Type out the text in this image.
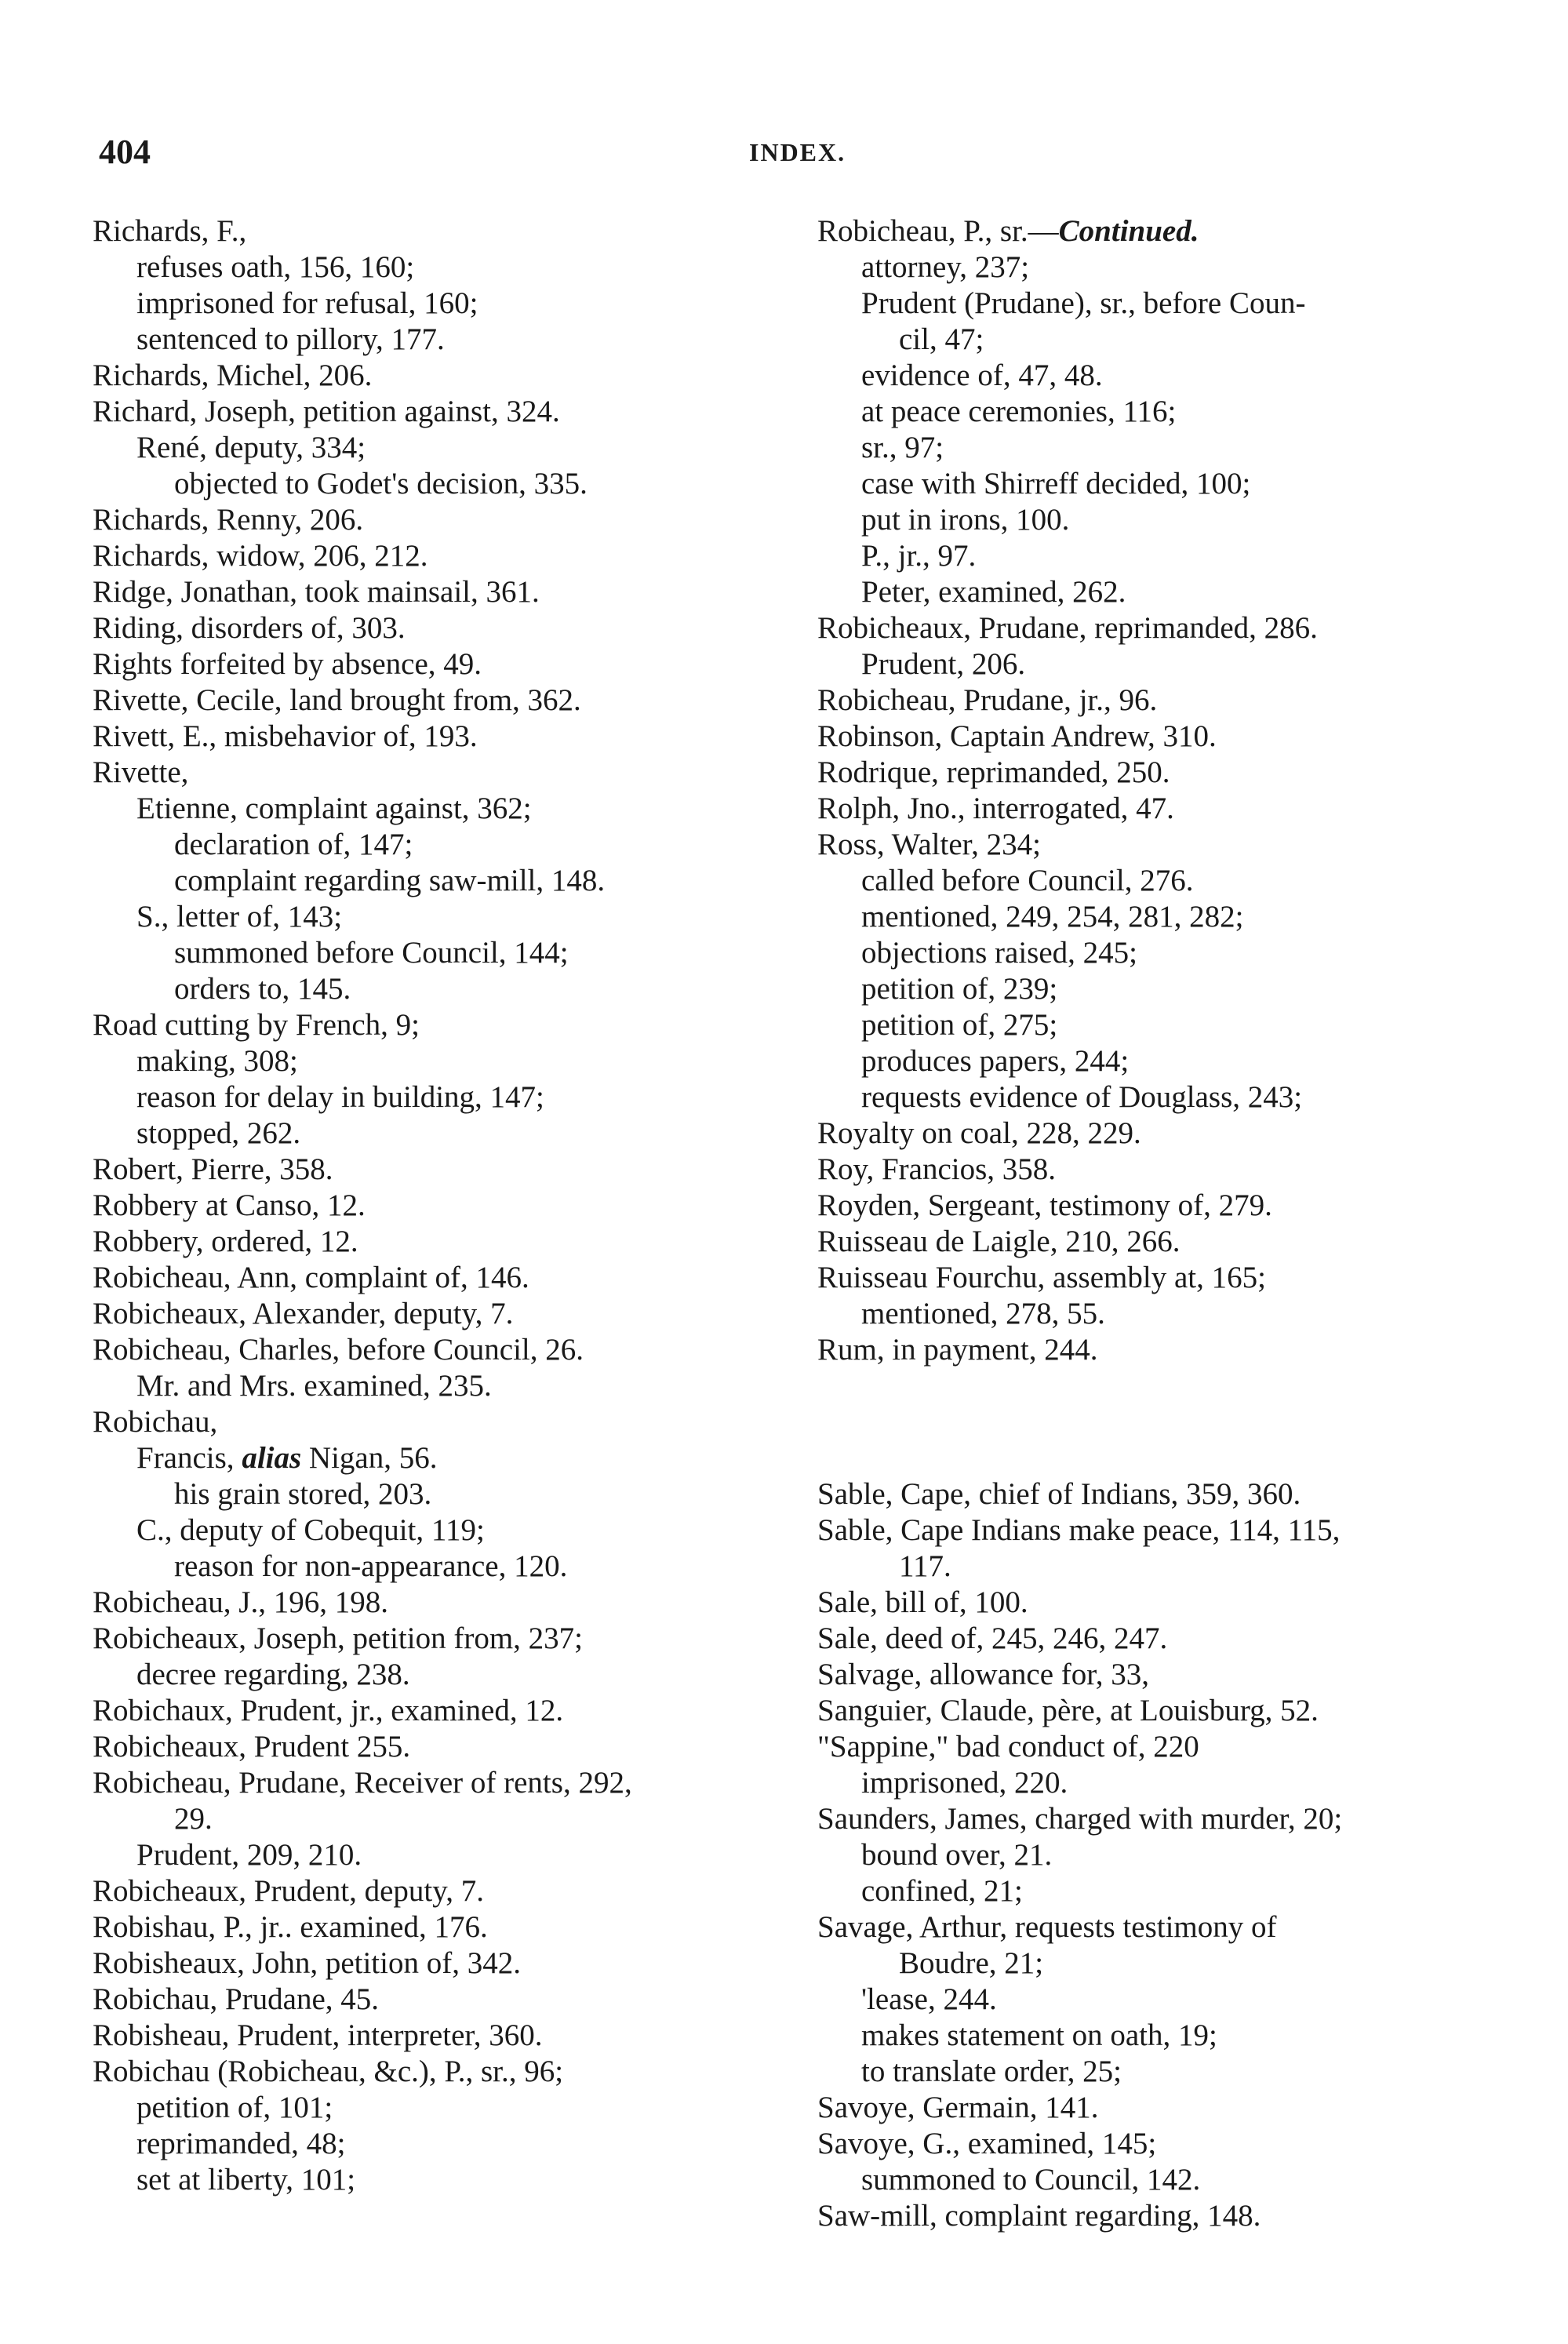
404	INDEX.
Richards, F.,
refuses oath, 156, 160;
imprisoned for refusal, 160;
sentenced to pillory, 177.
Richards, Michel, 206.
Richard, Joseph, petition against, 324.
René, deputy, 334;
objected to Godet's decision, 335.
Richards, Renny, 206.
Richards, widow, 206, 212.
Ridge, Jonathan, took mainsail, 361.
Riding, disorders of, 303.
Rights forfeited by absence, 49.
Rivette, Cecile, land brought from, 362.
Rivett, E., misbehavior of, 193.
Rivette,
Etienne, complaint against, 362;
declaration of, 147;
complaint regarding saw-mill, 148.
S., letter of, 143;
summoned before Council, 144;
orders to, 145.
Road cutting by French, 9;
making, 308;
reason for delay in building, 147;
stopped, 262.
Robert, Pierre, 358.
Robbery at Canso, 12.
Robbery, ordered, 12.
Robicheau, Ann, complaint of, 146.
Robicheaux, Alexander, deputy, 7.
Robicheau, Charles, before Council, 26.
Mr. and Mrs. examined, 235.
Robichau,
Francis, alias Nigan, 56.
his grain stored, 203.
C., deputy of Cobequit, 119;
reason for non-appearance, 120.
Robicheau, J., 196, 198.
Robicheaux, Joseph, petition from, 237;
decree regarding, 238.
Robichaux, Prudent, jr., examined, 12.
Robicheaux, Prudent 255.
Robicheau, Prudane, Receiver of rents, 292,
29.
Prudent, 209, 210.
Robicheaux, Prudent, deputy, 7.
Robishau, P., jr.. examined, 176.
Robisheaux, John, petition of, 342.
Robichau, Prudane, 45.
Robisheau, Prudent, interpreter, 360.
Robichau (Robicheau, &c.), P., sr., 96;
petition of, 101;
reprimanded, 48;
set at liberty, 101;
Robicheau, P., sr.—Continued.
attorney, 237;
Prudent (Prudane), sr., before Coun-
cil, 47;
evidence of, 47, 48.
at peace ceremonies, 116;
sr., 97;
case with Shirreff decided, 100;
put in irons, 100.
P., jr., 97.
Peter, examined, 262.
Robicheaux, Prudane, reprimanded, 286.
Prudent, 206.
Robicheau, Prudane, jr., 96.
Robinson, Captain Andrew, 310.
Rodrique, reprimanded, 250.
Rolph, Jno., interrogated, 47.
Ross, Walter, 234;
called before Council, 276.
mentioned, 249, 254, 281, 282;
objections raised, 245;
petition of, 239;
petition of, 275;
produces papers, 244;
requests evidence of Douglass, 243;
Royalty on coal, 228, 229.
Roy, Francios, 358.
Royden, Sergeant, testimony of, 279.
Ruisseau de Laigle, 210, 266.
Ruisseau Fourchu, assembly at, 165;
mentioned, 278, 55.
Rum, in payment, 244.
Sable, Cape, chief of Indians, 359, 360.
Sable, Cape Indians make peace, 114, 115,
117.
Sale, bill of, 100.
Sale, deed of, 245, 246, 247.
Salvage, allowance for, 33,
Sanguier, Claude, père, at Louisburg, 52.
"Sappine," bad conduct of, 220
imprisoned, 220.
Saunders, James, charged with murder, 20;
bound over, 21.
confined, 21;
Savage, Arthur, requests testimony of
Boudre, 21;
'lease, 244.
makes statement on oath, 19;
to translate order, 25;
Savoye, Germain, 141.
Savoye, G., examined, 145;
summoned to Council, 142.
Saw-mill, complaint regarding, 148.
